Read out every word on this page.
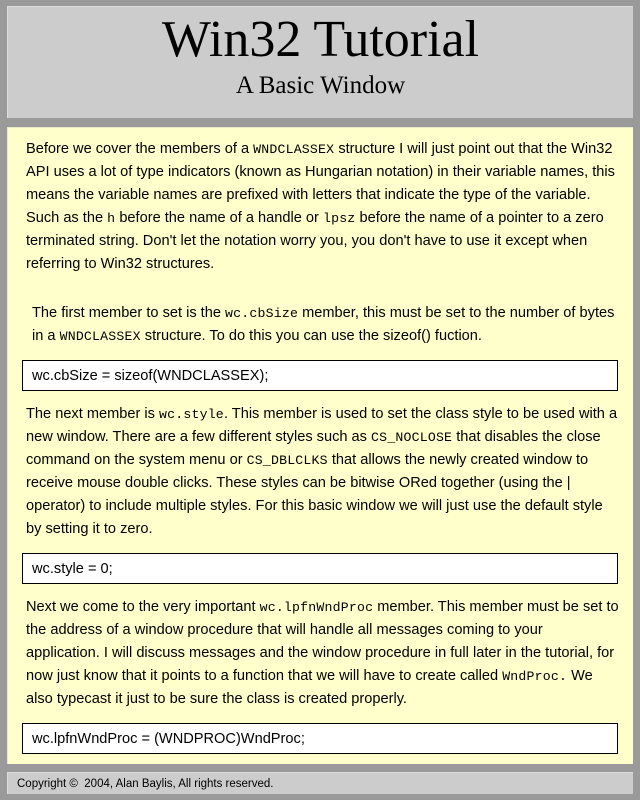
Win32 Tutorial
A Basic Window

Before we cover the members of a WNDCLASSEX structure I will just point out that the Win32 API uses a lot of type indicators (known as Hungarian notation) in their variable names, this means the variable names are prefixed with letters that indicate the type of the variable. Such as the h before the name of a handle or lpsz before the name of a pointer to a zero terminated string. Don't let the notation worry you, you don't have to use it except when referring to Win32 structures.

The first member to set is the wc.cbSize member, this must be set to the number of bytes in a WNDCLASSEX structure. To do this you can use the sizeof() fuction.

wc.cbSize = sizeof(WNDCLASSEX);

The next member is wc.style. This member is used to set the class style to be used with a new window. There are a few different styles such as CS_NOCLOSE that disables the close command on the system menu or CS_DBLCLKS that allows the newly created window to receive mouse double clicks. These styles can be bitwise ORed together (using the | operator) to include multiple styles. For this basic window we will just use the default style by setting it to zero.

wc.style = 0;

Next we come to the very important wc.lpfnWndProc member. This member must be set to the address of a window procedure that will handle all messages coming to your application. I will discuss messages and the window procedure in full later in the tutorial, for now just know that it points to a function that we will have to create called WndProc. We also typecast it just to be sure the class is created properly.

wc.lpfnWndProc = (WNDPROC)WndProc;
Copyright ©  2004, Alan Baylis, All rights reserved.
